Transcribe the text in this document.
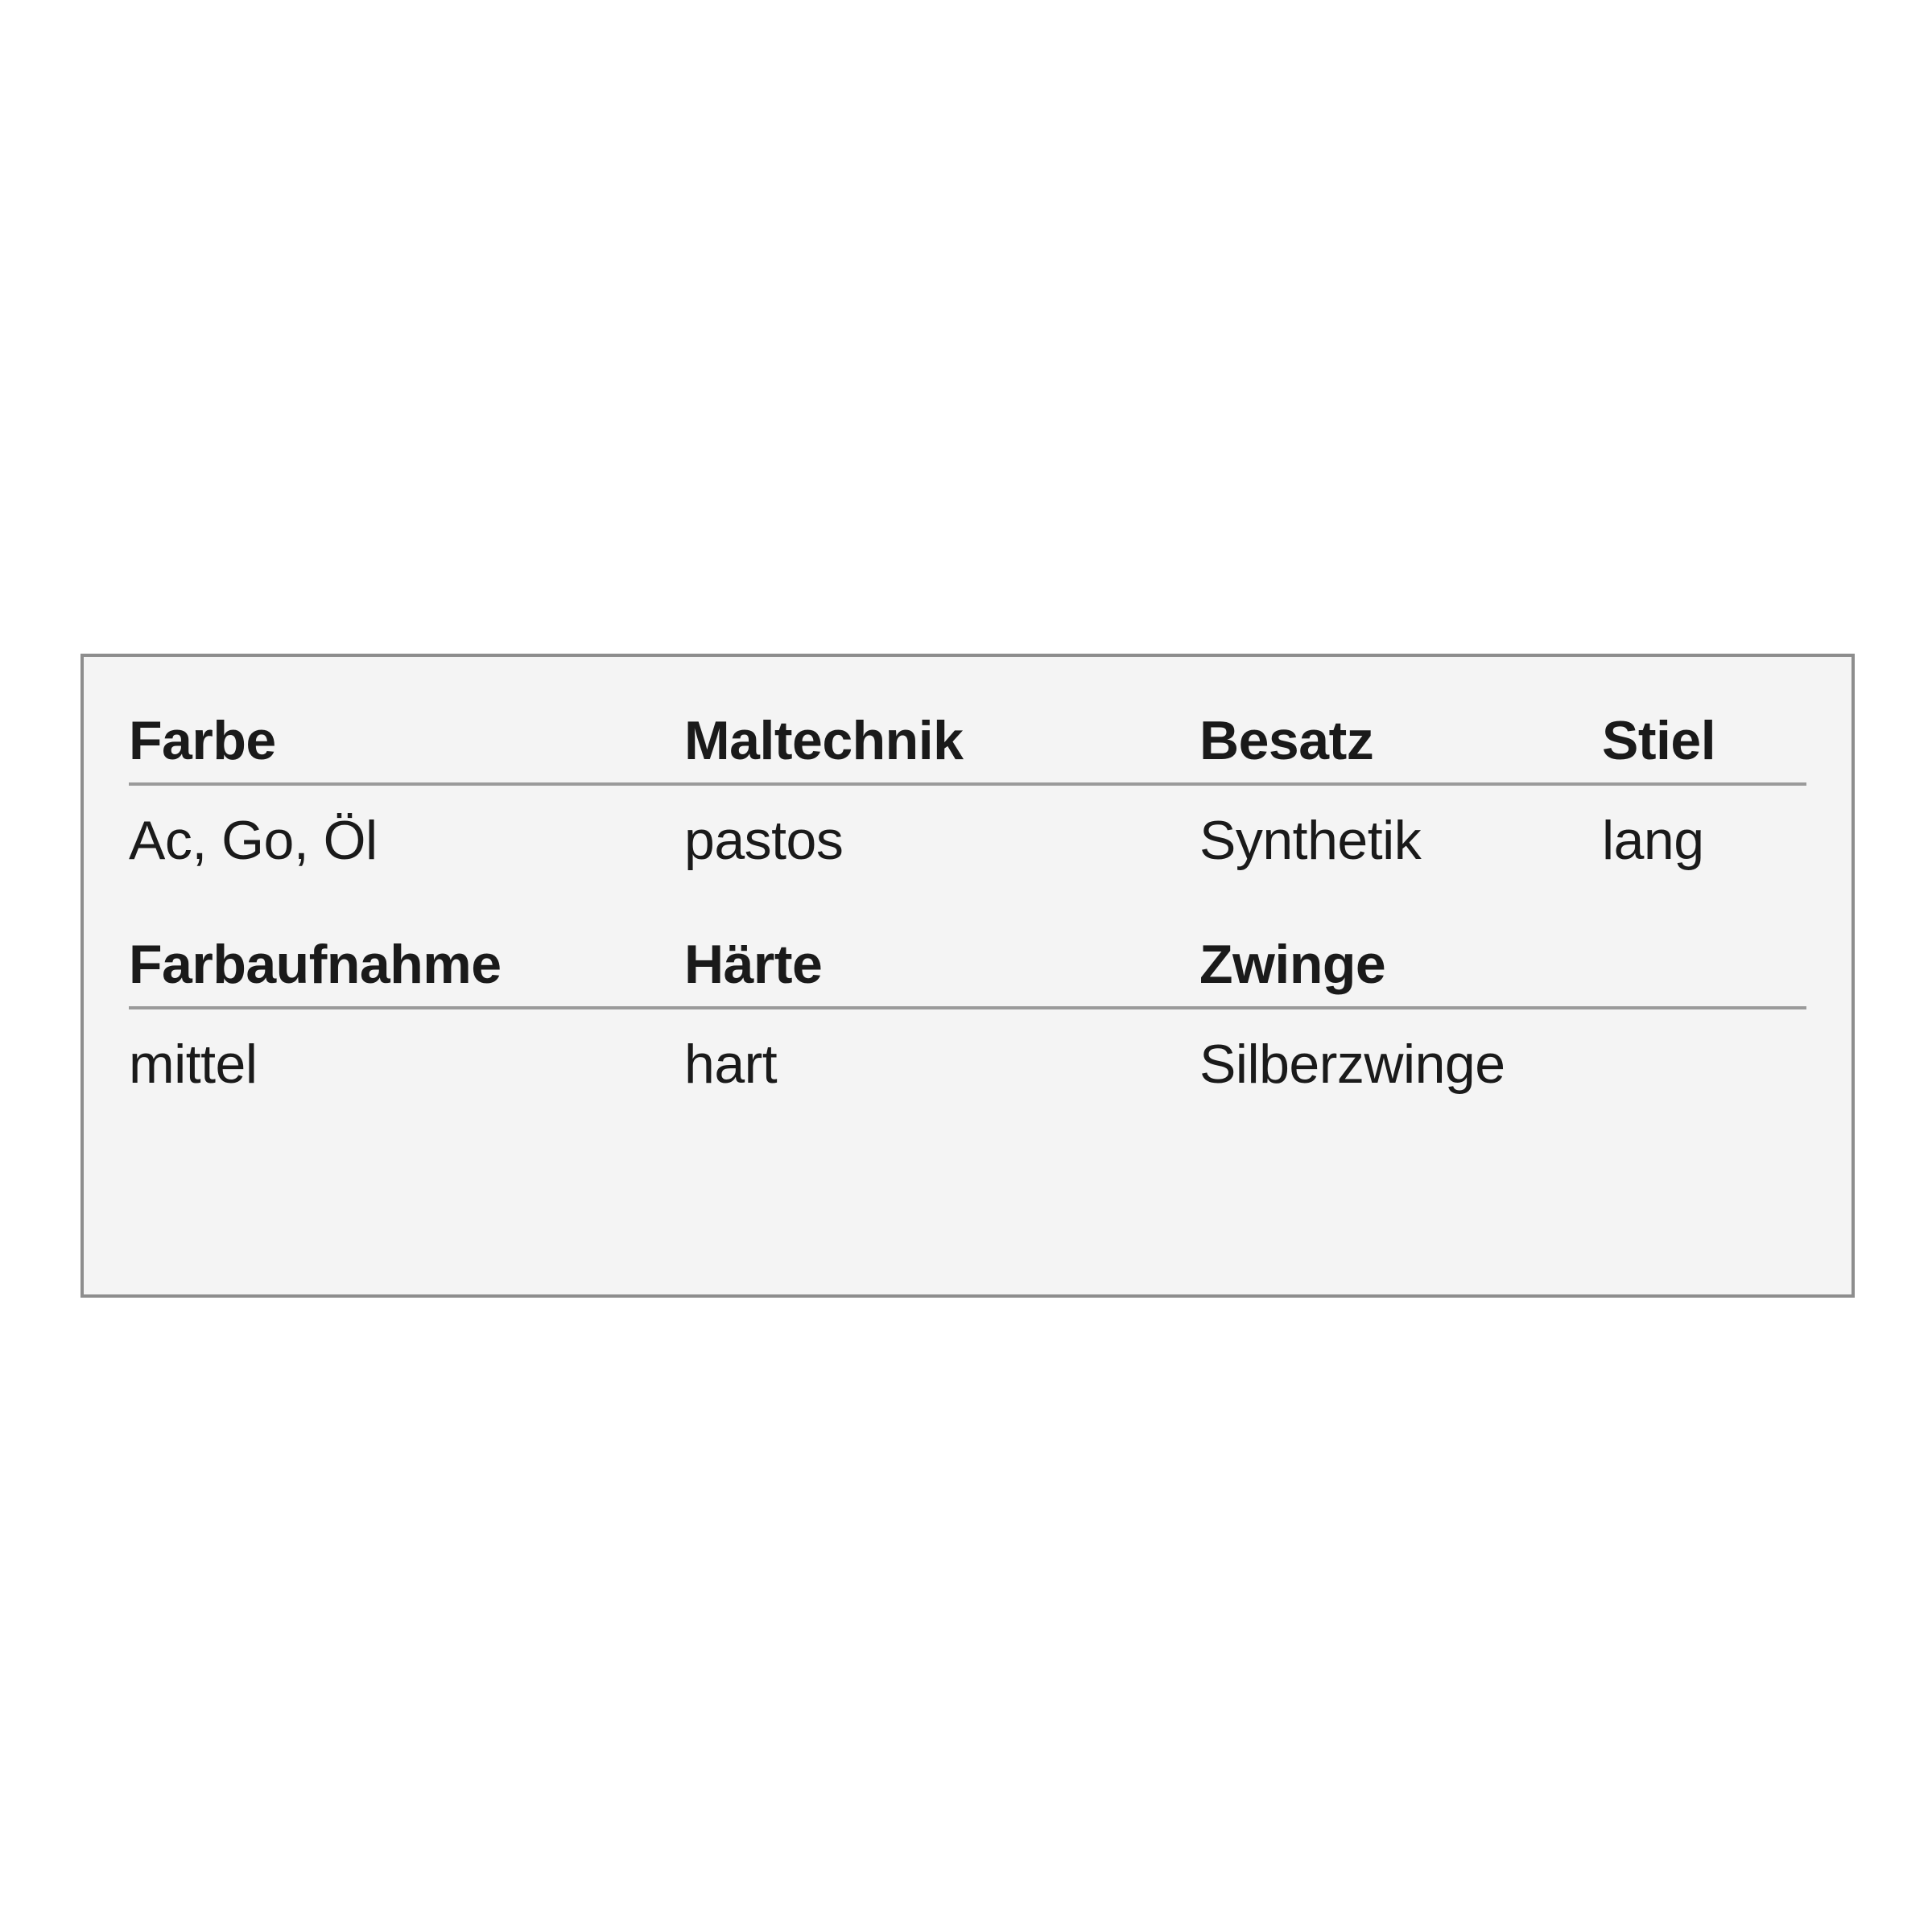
Farbe	Maltechnik	Besatz	Stiel
Ac, Go, Öl	pastos	Synthetik	lang
Farbaufnahme	Härte	Zwinge
mittel	hart	Silberzwinge
